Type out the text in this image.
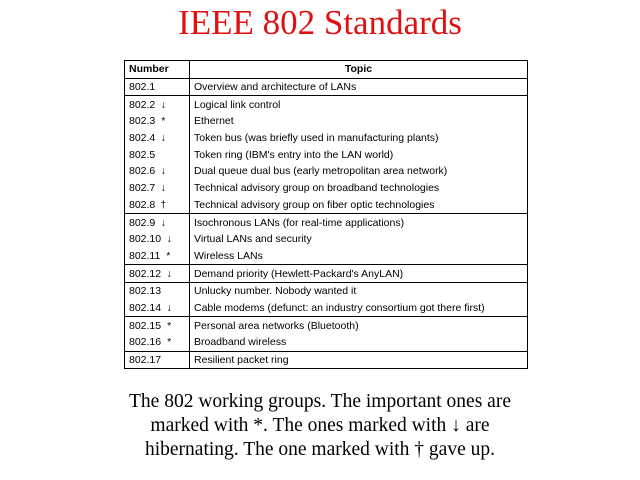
IEEE 802 Standards
Number	Topic
802.1	Overview and architecture of LANs
802.2 ↓	Logical link control
802.3 *	Ethernet
802.4 ↓	Token bus (was briefly used in manufacturing plants)
802.5	Token ring (IBM's entry into the LAN world)
802.6 ↓	Dual queue dual bus (early metropolitan area network)
802.7 ↓	Technical advisory group on broadband technologies
802.8 †	Technical advisory group on fiber optic technologies
802.9 ↓	Isochronous LANs (for real-time applications)
802.10 ↓	Virtual LANs and security
802.11 *	Wireless LANs
802.12 ↓	Demand priority (Hewlett-Packard's AnyLAN)
802.13	Unlucky number. Nobody wanted it
802.14 ↓	Cable modems (defunct: an industry consortium got there first)
802.15 *	Personal area networks (Bluetooth)
802.16 *	Broadband wireless
802.17	Resilient packet ring
The 802 working groups. The important ones are
marked with *. The ones marked with ↓ are
hibernating. The one marked with † gave up.
